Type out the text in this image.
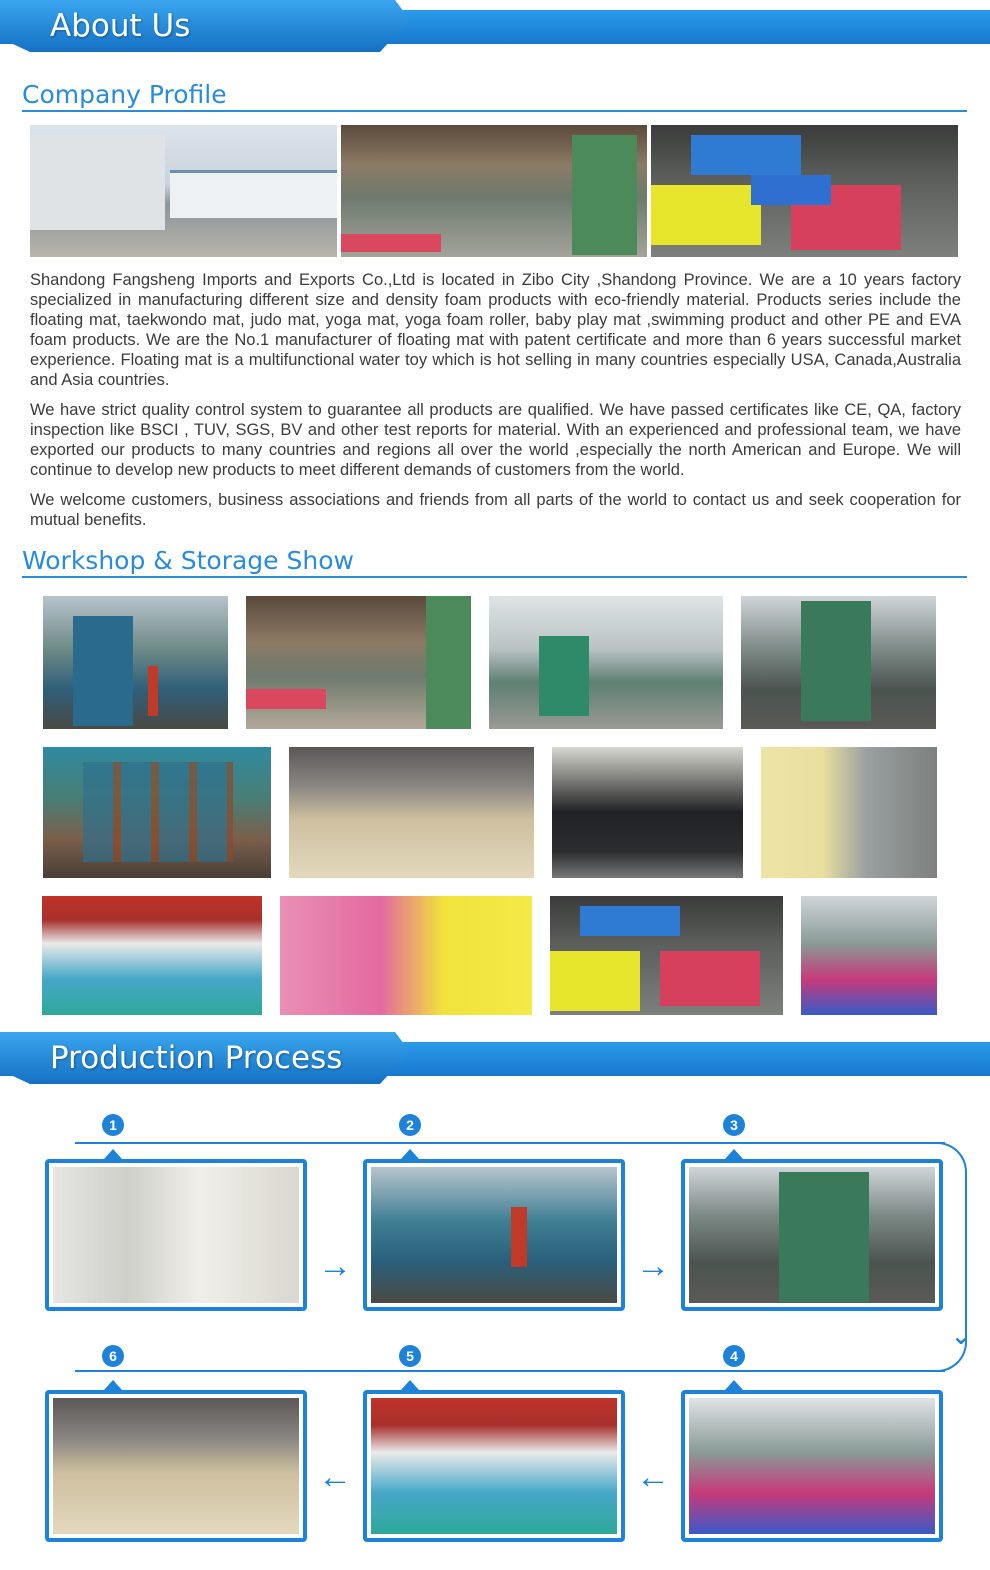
About Us
Company Profile

Shandong Fangsheng Imports and Exports Co.,Ltd is located in Zibo City ,Shandong Province. We are a 10 years factory specialized in manufacturing different size and density foam products with eco-friendly material. Products series include the floating mat, taekwondo mat, judo mat, yoga mat, yoga foam roller, baby play mat ,swimming product and other PE and EVA foam products. We are the No.1 manufacturer of floating mat with patent certificate and more than 6 years successful market experience. Floating mat is a multifunctional water toy which is hot selling in many countries especially USA, Canada,Australia and Asia countries.

We have strict quality control system to guarantee all products are qualified. We have passed certificates like CE, QA, factory inspection like BSCI , TUV, SGS, BV and other test reports for material. With an experienced and professional team, we have exported our products to many countries and regions all over the world ,especially the north American and Europe. We will continue to develop new products to meet different demands of customers from the world.

We welcome customers, business associations and friends from all parts of the world to contact us and seek cooperation for mutual benefits.

Workshop & Storage Show
Production Process
⌄
1	2	3
4
5
6
→	→
←	←
